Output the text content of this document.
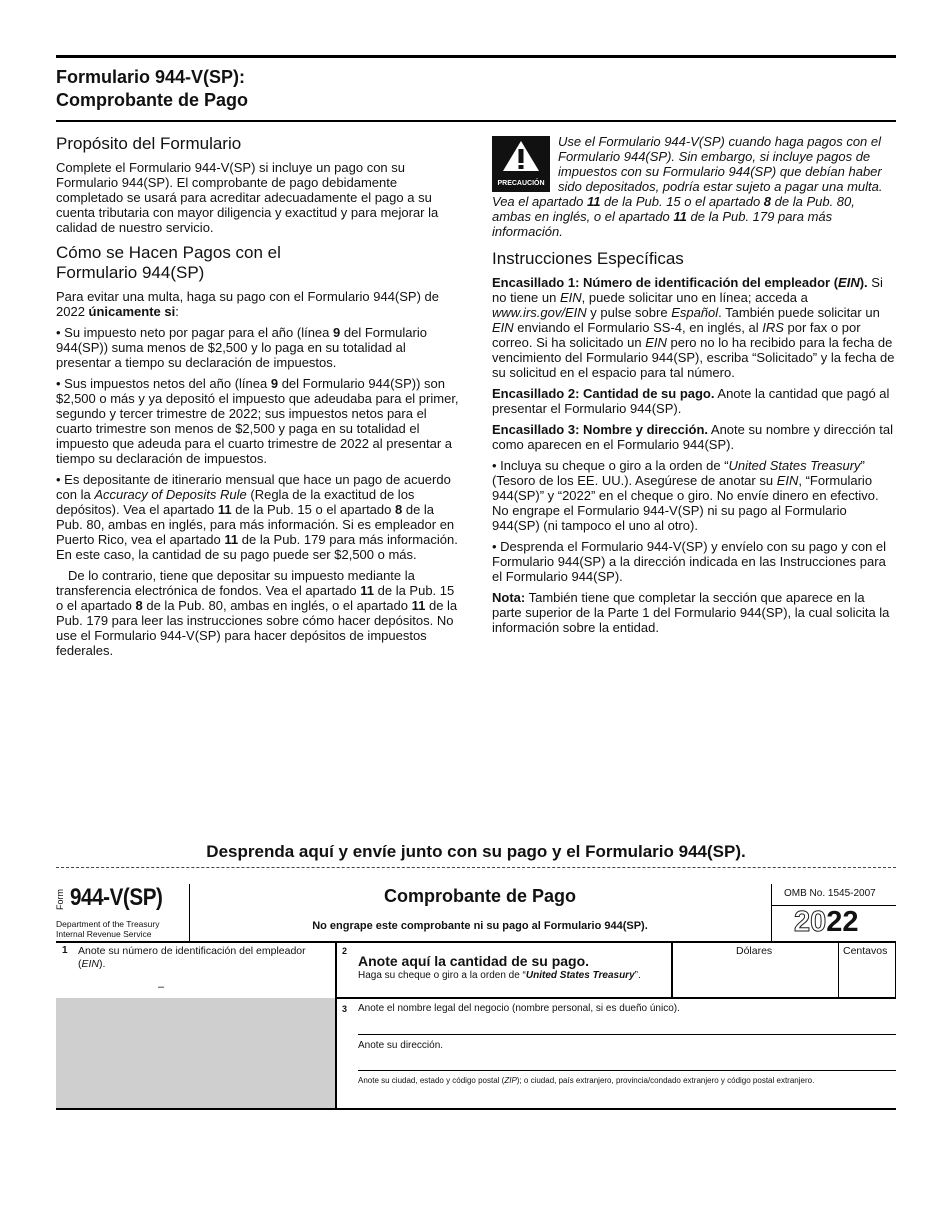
Formulario 944-V(SP):
Comprobante de Pago
Propósito del Formulario

Complete el Formulario 944-V(SP) si incluye un pago con su Formulario 944(SP). El comprobante de pago debidamente completado se usará para acreditar adecuadamente el pago a su cuenta tributaria con mayor diligencia y exactitud y para mejorar la calidad de nuestro servicio.

Cómo se Hacen Pagos con el
Formulario 944(SP)

Para evitar una multa, haga su pago con el Formulario 944(SP) de 2022 únicamente si:

• Su impuesto neto por pagar para el año (línea 9 del Formulario 944(SP)) suma menos de $2,500 y lo paga en su totalidad al presentar a tiempo su declaración de impuestos.

• Sus impuestos netos del año (línea 9 del Formulario 944(SP)) son $2,500 o más y ya depositó el impuesto que adeudaba para el primer, segundo y tercer trimestre de 2022; sus impuestos netos para el cuarto trimestre son menos de $2,500 y paga en su totalidad el impuesto que adeuda para el cuarto trimestre de 2022 al presentar a tiempo su declaración de impuestos.

• Es depositante de itinerario mensual que hace un pago de acuerdo con la Accuracy of Deposits Rule (Regla de la exactitud de los depósitos). Vea el apartado 11 de la Pub. 15 o el apartado 8 de la Pub. 80, ambas en inglés, para más información. Si es empleador en Puerto Rico, vea el apartado 11 de la Pub. 179 para más información. En este caso, la cantidad de su pago puede ser $2,500 o más.

De lo contrario, tiene que depositar su impuesto mediante la transferencia electrónica de fondos. Vea el apartado 11 de la Pub. 15 o el apartado 8 de la Pub. 80, ambas en inglés, o el apartado 11 de la Pub. 179 para leer las instrucciones sobre cómo hacer depósitos. No use el Formulario 944-V(SP) para hacer depósitos de impuestos federales.

PRECAUCIÓN
Use el Formulario 944-V(SP) cuando haga pagos con el Formulario 944(SP). Sin embargo, si incluye pagos de impuestos con su Formulario 944(SP) que debían haber sido depositados, podría estar sujeto a pagar una multa. Vea el apartado 11 de la Pub. 15 o el apartado 8 de la Pub. 80, ambas en inglés, o el apartado 11 de la Pub. 179 para más información.
Instrucciones Específicas

Encasillado 1: Número de identificación del empleador (EIN). Si no tiene un EIN, puede solicitar uno en línea; acceda a www.irs.gov/EIN y pulse sobre Español. También puede solicitar un EIN enviando el Formulario SS-4, en inglés, al IRS por fax o por correo. Si ha solicitado un EIN pero no lo ha recibido para la fecha de vencimiento del Formulario 944(SP), escriba “Solicitado” y la fecha de su solicitud en el espacio para tal número.

Encasillado 2: Cantidad de su pago. Anote la cantidad que pagó al presentar el Formulario 944(SP).

Encasillado 3: Nombre y dirección. Anote su nombre y dirección tal como aparecen en el Formulario 944(SP).

• Incluya su cheque o giro a la orden de “United States Treasury” (Tesoro de los EE. UU.). Asegúrese de anotar su EIN, “Formulario 944(SP)” y “2022” en el cheque o giro. No envíe dinero en efectivo. No engrape el Formulario 944-V(SP) ni su pago al Formulario 944(SP) (ni tampoco el uno al otro).

• Desprenda el Formulario 944-V(SP) y envíelo con su pago y con el Formulario 944(SP) a la dirección indicada en las Instrucciones para el Formulario 944(SP).

Nota: También tiene que completar la sección que aparece en la parte superior de la Parte 1 del Formulario 944(SP), la cual solicita la información sobre la entidad.

Desprenda aquí y envíe junto con su pago y el Formulario 944(SP).
Form 944-V(SP)
Department of the Treasury
Internal Revenue Service
Comprobante de Pago
No engrape este comprobante ni su pago al Formulario 944(SP).
OMB No. 1545-2007
2022
1 Anote su número de identificación del empleador (EIN).
–
2
Anote aquí la cantidad de su pago.
Haga su cheque o giro a la orden de “United States Treasury”.
Dólares	Centavos
3 Anote el nombre legal del negocio (nombre personal, si es dueño único).
Anote su dirección.
Anote su ciudad, estado y código postal (ZIP); o ciudad, país extranjero, provincia/condado extranjero y código postal extranjero.
